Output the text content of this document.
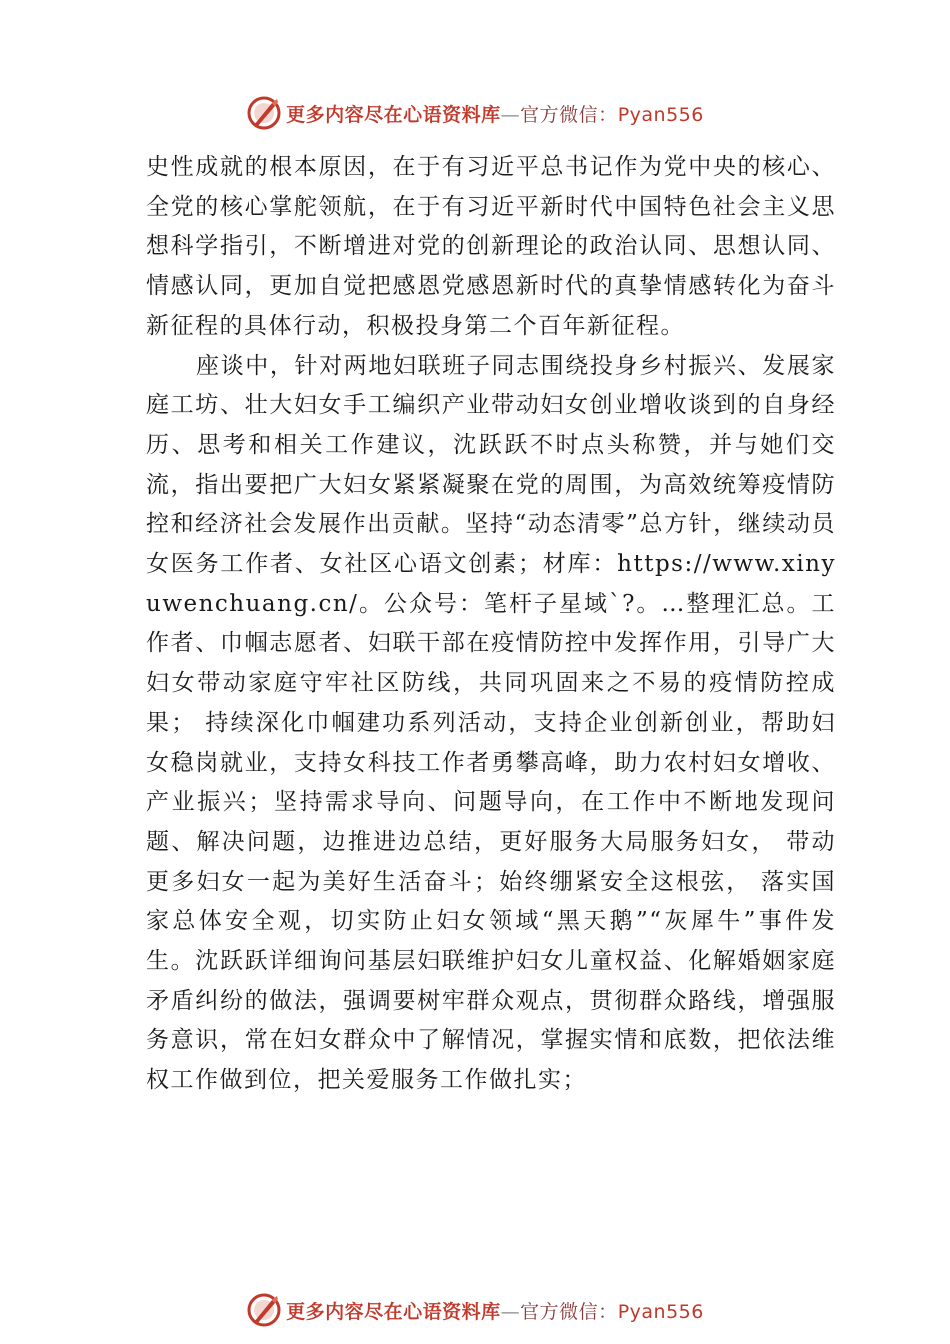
更多内容尽在心语资料库—官方微信：Pyan556

史性成就的根本原因，在于有习近平总书记作为党中央的核心、全党的核心掌舵领航，在于有习近平新时代中国特色社会主义思想科学指引，不断增进对党的创新理论的政治认同、思想认同、情感认同，更加自觉把感恩党感恩新时代的真挚情感转化为奋斗新征程的具体行动，积极投身第二个百年新征程。

座谈中，针对两地妇联班子同志围绕投身乡村振兴、发展家庭工坊、壮大妇女手工编织产业带动妇女创业增收谈到的自身经历、思考和相关工作建议，沈跃跃不时点头称赞，并与她们交流，指出要把广大妇女紧紧凝聚在党的周围，为高效统筹疫情防控和经济社会发展作出贡献。坚持“动态清零”总方针，继续动员女医务工作者、女社区心语文创素；材库：https://www.xinyuwenchuang.cn/。公众号：笔杆子星域`?。…整理汇总。工作者、巾帼志愿者、妇联干部在疫情防控中发挥作用，引导广大妇女带动家庭守牢社区防线，共同巩固来之不易的疫情防控成果； 持续深化巾帼建功系列活动，支持企业创新创业，帮助妇女稳岗就业，支持女科技工作者勇攀高峰，助力农村妇女增收、产业振兴；坚持需求导向、问题导向，在工作中不断地发现问题、解决问题，边推进边总结，更好服务大局服务妇女， 带动更多妇女一起为美好生活奋斗；始终绷紧安全这根弦， 落实国家总体安全观，切实防止妇女领域“黑天鹅”“灰犀牛”事件发生。沈跃跃详细询问基层妇联维护妇女儿童权益、化解婚姻家庭矛盾纠纷的做法，强调要树牢群众观点，贯彻群众路线，增强服务意识，常在妇女群众中了解情况，掌握实情和底数，把依法维权工作做到位，把关爱服务工作做扎实；

更多内容尽在心语资料库—官方微信：Pyan556
